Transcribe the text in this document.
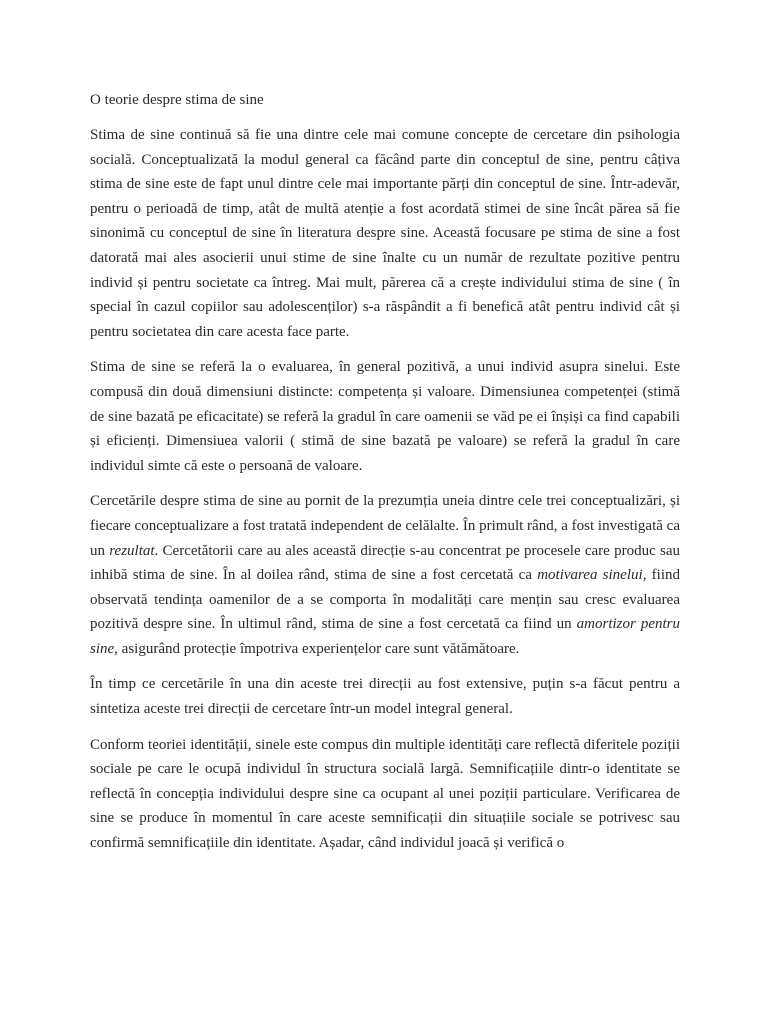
O teorie despre stima de sine

Stima de sine continuă să fie una dintre cele mai comune concepte de cercetare din psihologia socială. Conceptualizată la modul general ca făcând parte din conceptul de sine, pentru câțiva stima de sine este de fapt unul dintre cele mai importante părți din conceptul de sine. Într-adevăr, pentru o perioadă de timp, atât de multă atenție a fost acordată stimei de sine încât părea să fie sinonimă cu conceptul de sine în literatura despre sine. Această focusare pe stima de sine a fost datorată mai ales asocierii unui stime de sine înalte cu un număr de rezultate pozitive pentru individ și pentru societate ca întreg. Mai mult, părerea că a crește individului stima de sine ( în special în cazul copiilor sau adolescenților) s-a răspândit a fi benefică atât pentru individ cât și pentru societatea din care acesta face parte.

Stima de sine se referă la o evaluarea, în general pozitivă, a unui individ asupra sinelui. Este compusă din două dimensiuni distincte: competența și valoare. Dimensiunea competenței (stimă de sine bazată pe eficacitate) se referă la gradul în care oamenii se văd pe ei înșiși ca find capabili și eficienți. Dimensiuea valorii ( stimă de sine bazată pe valoare) se referă la gradul în care individul simte că este o persoană de valoare.

Cercetările despre stima de sine au pornit de la prezumția uneia dintre cele trei conceptualizări, și fiecare conceptualizare a fost tratată independent de celălalte. În primult rând, a fost investigată ca un rezultat. Cercetătorii care au ales această direcție s-au concentrat pe procesele care produc sau inhibă stima de sine. În al doilea rând, stima de sine a fost cercetată ca motivarea sinelui, fiind observată tendința oamenilor de a se comporta în modalități care mențin sau cresc evaluarea pozitivă despre sine. În ultimul rând, stima de sine a fost cercetată ca fiind un amortizor pentru sine, asigurând protecție împotriva experiențelor care sunt vătămătoare.

În timp ce cercetările în una din aceste trei direcții au fost extensive, puțin s-a făcut pentru a sintetiza aceste trei direcții de cercetare într-un model integral general.

Conform teoriei identității, sinele este compus din multiple identități care reflectă diferitele poziții sociale pe care le ocupă individul în structura socială largă. Semnificațiile dintr-o identitate se reflectă în concepția individului despre sine ca ocupant al unei poziții particulare. Verificarea de sine se produce în momentul în care aceste semnificații din situațiile sociale se potrivesc sau confirmă semnificațiile din identitate. Așadar, când individul joacă și verifică o
